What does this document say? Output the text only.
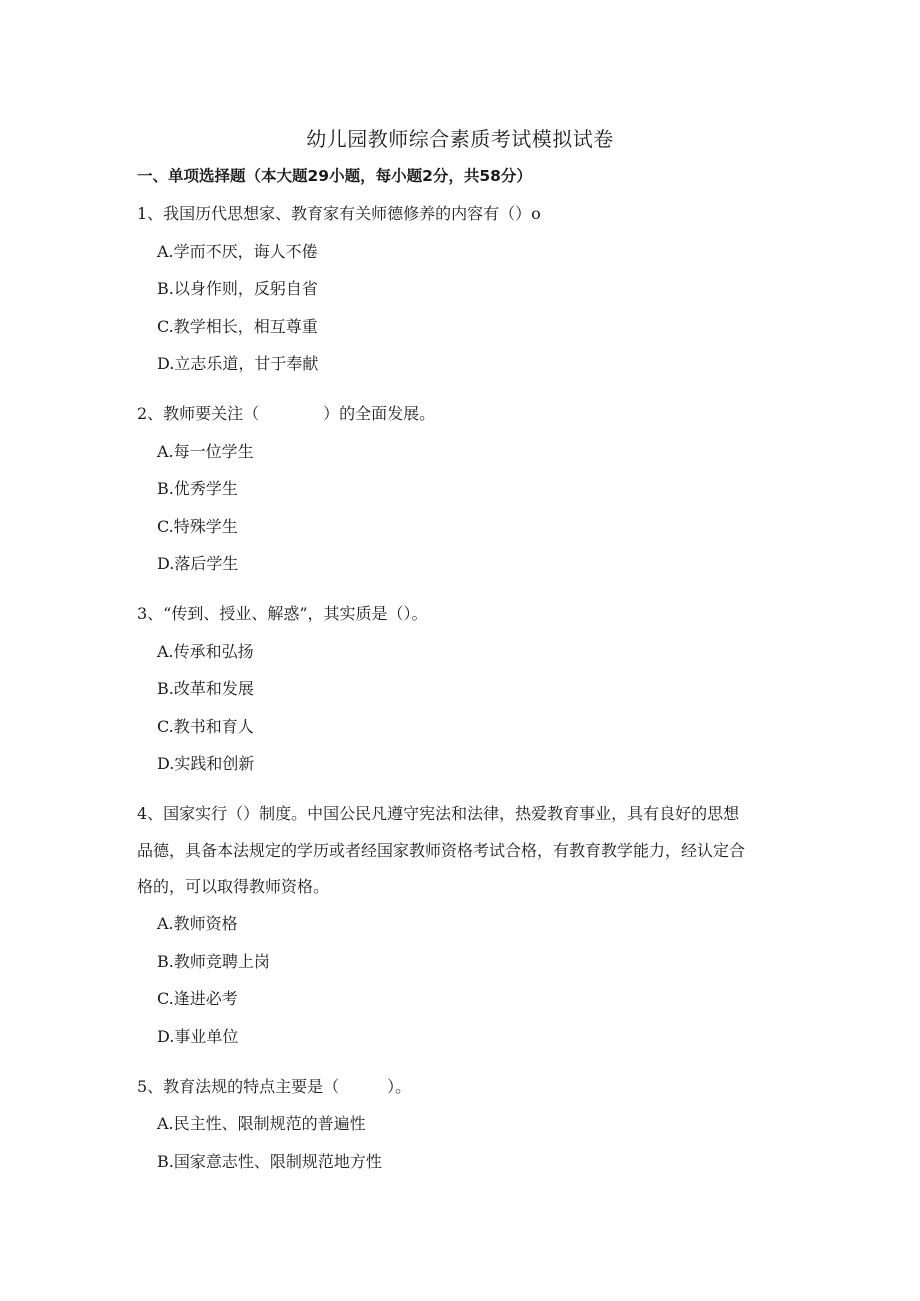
幼儿园教师综合素质考试模拟试卷
一、单项选择题（本大题29小题，每小题2分，共58分）
1、我国历代思想家、教育家有关师德修养的内容有（）o
A.学而不厌，诲人不倦
B.以身作则，反躬自省
C.教学相长，相互尊重
D.立志乐道，甘于奉献
2、教师要关注（　　　　）的全面发展。
A.每一位学生
B.优秀学生
C.特殊学生
D.落后学生
3、“传到、授业、解惑”，其实质是（）。
A.传承和弘扬
B.改革和发展
C.教书和育人
D.实践和创新
4、国家实行（）制度。中国公民凡遵守宪法和法律，热爱教育事业，具有良好的思想
品德，具备本法规定的学历或者经国家教师资格考试合格，有教育教学能力，经认定合
格的，可以取得教师资格。
A.教师资格
B.教师竞聘上岗
C.逢进必考
D.事业单位
5、教育法规的特点主要是（　　　）。
A.民主性、限制规范的普遍性
B.国家意志性、限制规范地方性
